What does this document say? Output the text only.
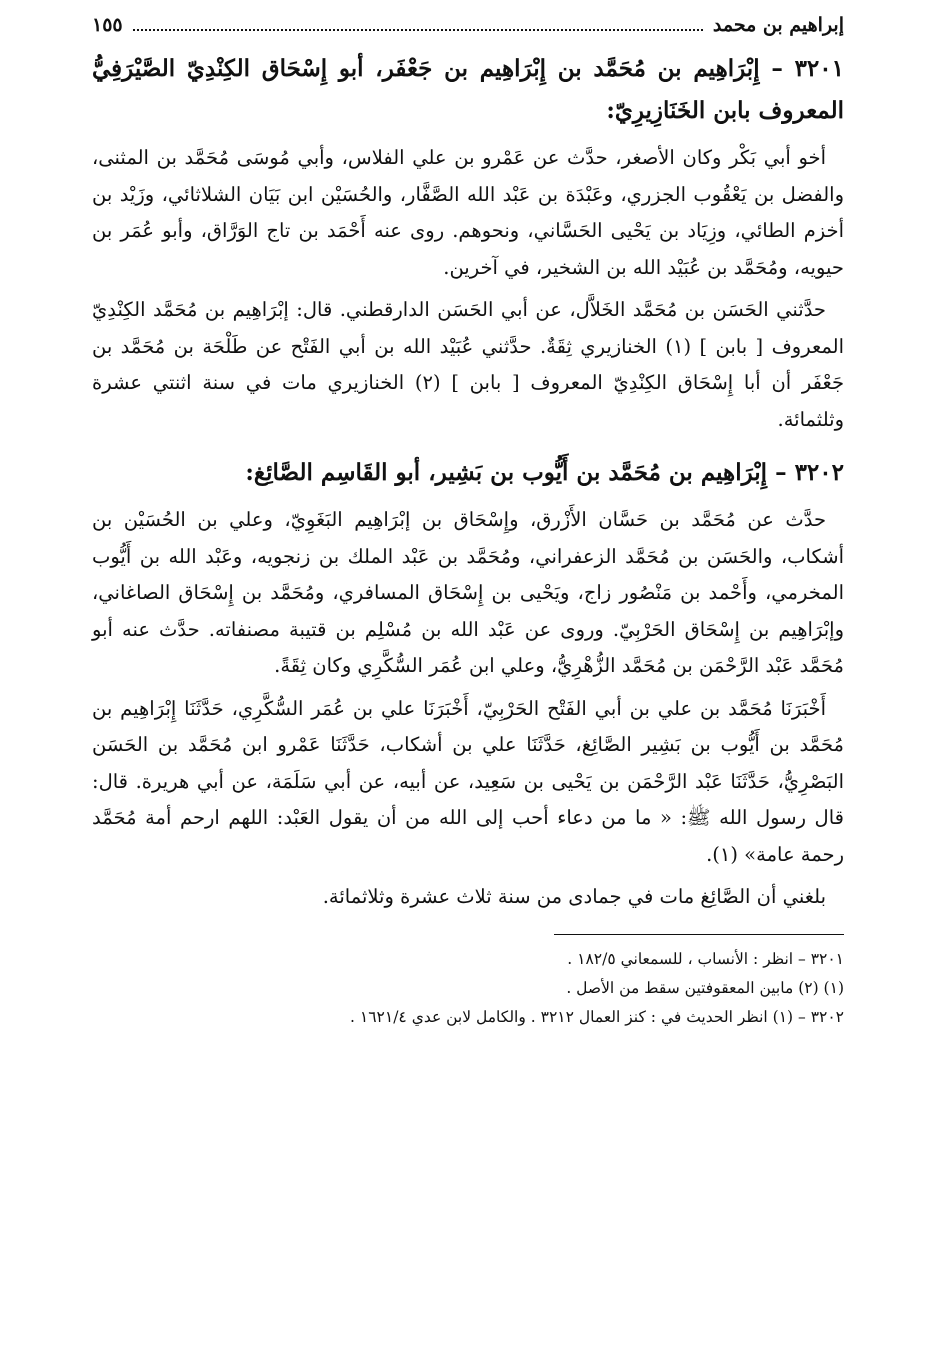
إبراهيم بن محمد
١٥٥
٣٢٠١ – إِبْرَاهِيم بن مُحَمَّد بن إِبْرَاهِيم بن جَعْفَر، أبو إِسْحَاق الكِنْدِيّ الصَّيْرَفِيُّ المعروف بابن الخَنَازِيرِيّ:

أخو أبي بَكْر وكان الأصغر، حدَّث عن عَمْرو بن علي الفلاس، وأبي مُوسَى مُحَمَّد بن المثنى، والفضل بن يَعْقُوب الجزري، وعَبْدَة بن عَبْد الله الصَّفَّار، والحُسَيْن ابن بَيَان الشلاثائي، وزَيْد بن أخزم الطائي، وزِيَاد بن يَحْيى الحَسَّاني، ونحوهم. روى عنه أَحْمَد بن تاج الوَرَّاق، وأبو عُمَر بن حيويه، ومُحَمَّد بن عُبَيْد الله بن الشخير، في آخرين.

حدَّثني الحَسَن بن مُحَمَّد الخَلاَّل، عن أبي الحَسَن الدارقطني. قال: إبْرَاهِيم بن مُحَمَّد الكِنْدِيّ المعروف [ بابن ] (١) الخنازيري ثِقَةٌ. حدَّثني عُبَيْد الله بن أبي الفَتْح عن طَلْحَة بن مُحَمَّد بن جَعْفَر أن أبا إِسْحَاق الكِنْدِيّ المعروف [ بابن ] (٢) الخنازيري مات في سنة اثنتي عشرة وثلثمائة.

٣٢٠٢ – إِبْرَاهِيم بن مُحَمَّد بن أَيُّوب بن بَشِير، أبو القَاسِم الصَّائِغ:

حدَّث عن مُحَمَّد بن حَسَّان الأَزْرق، وإِسْحَاق بن إبْرَاهِيم البَغَوِيّ، وعلي بن الحُسَيْن بن أشكاب، والحَسَن بن مُحَمَّد الزعفراني، ومُحَمَّد بن عَبْد الملك بن زنجويه، وعَبْد الله بن أَيُّوب المخرمي، وأَحْمد بن مَنْصُور زاج، ويَحْيى بن إِسْحَاق المسافري، ومُحَمَّد بن إِسْحَاق الصاغاني، وإبْرَاهِيم بن إِسْحَاق الحَرْبِيّ. وروى عن عَبْد الله بن مُسْلِم بن قتيبة مصنفاته. حدَّث عنه أبو مُحَمَّد عَبْد الرَّحْمَن بن مُحَمَّد الزُّهْرِيُّ، وعلي ابن عُمَر السُّكَّرِي وكان ثِقَةً.

أَخْبَرَنَا مُحَمَّد بن علي بن أبي الفَتْح الحَرْبِيّ، أَخْبَرَنَا علي بن عُمَر السُّكَّرِي، حَدَّثَنَا إِبْرَاهِيم بن مُحَمَّد بن أَيُّوب بن بَشِير الصَّائِغ، حَدَّثَنَا علي بن أشكاب، حَدَّثَنَا عَمْرو ابن مُحَمَّد بن الحَسَن البَصْرِيُّ، حَدَّثَنَا عَبْد الرَّحْمَن بن يَحْيى بن سَعِيد، عن أبيه، عن أبي سَلَمَة، عن أبي هريرة. قال: قال رسول الله ﷺ: « ما من دعاء أحب إلى الله من أن يقول العَبْد: اللهم ارحم أمة مُحَمَّد رحمة عامة» (١).

بلغني أن الصَّائِغ مات في جمادى من سنة ثلاث عشرة وثلاثمائة.

٣٢٠١ – انظر : الأنساب ، للسمعاني ١٨٢/٥ .
(١) (٢) مابين المعقوفتين سقط من الأصل .
٣٢٠٢ – (١) انظر الحديث في : كنز العمال ٣٢١٢ . والكامل لابن عدي ١٦٢١/٤ .
